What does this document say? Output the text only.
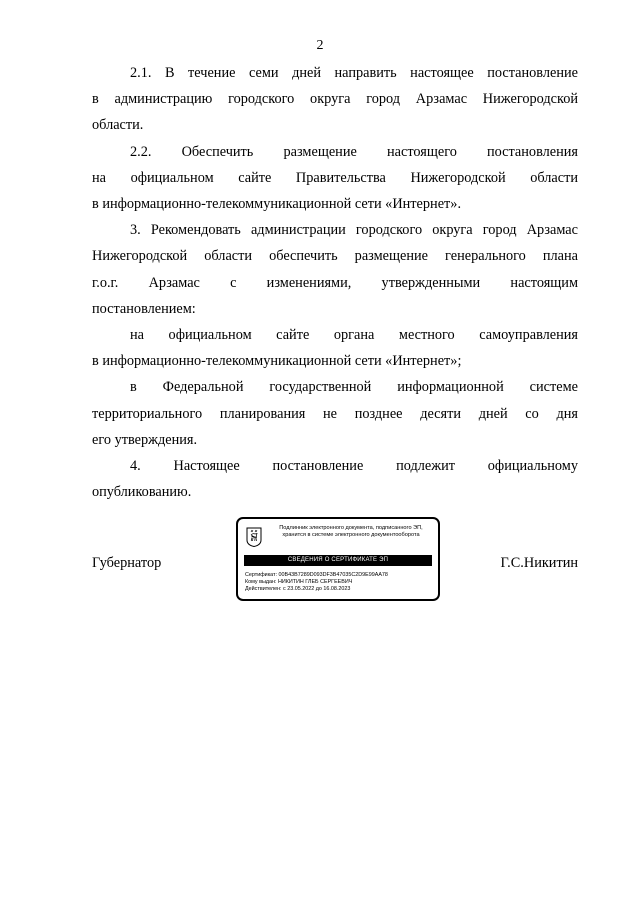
2
2.1. В течение семи дней направить настоящее постановление
в администрацию городского округа город Арзамас Нижегородской
области.
2.2. Обеспечить размещение настоящего постановления
на официальном сайте Правительства Нижегородской области
в информационно-телекоммуникационной сети «Интернет».
3. Рекомендовать администрации городского округа город Арзамас
Нижегородской области обеспечить размещение генерального плана
г.о.г. Арзамас с изменениями, утвержденными настоящим
постановлением:
на официальном сайте органа местного самоуправления
в информационно-телекоммуникационной сети «Интернет»;
в Федеральной государственной информационной системе
территориального планирования не позднее десяти дней со дня
его утверждения.
4. Настоящее постановление подлежит официальному
опубликованию.
Губернатор	Г.С.Никитин
Подлинник электронного документа, подписанного ЭП,
хранится в системе электронного документооборота
СВЕДЕНИЯ О СЕРТИФИКАТЕ ЭП
Сертификат: 00B43B7289D093DF3B47035C2D9E99AA78
Кому выдан: НИКИТИН ГЛЕБ СЕРГЕЕВИЧ
Действителен: с 23.05.2022 до 16.08.2023
